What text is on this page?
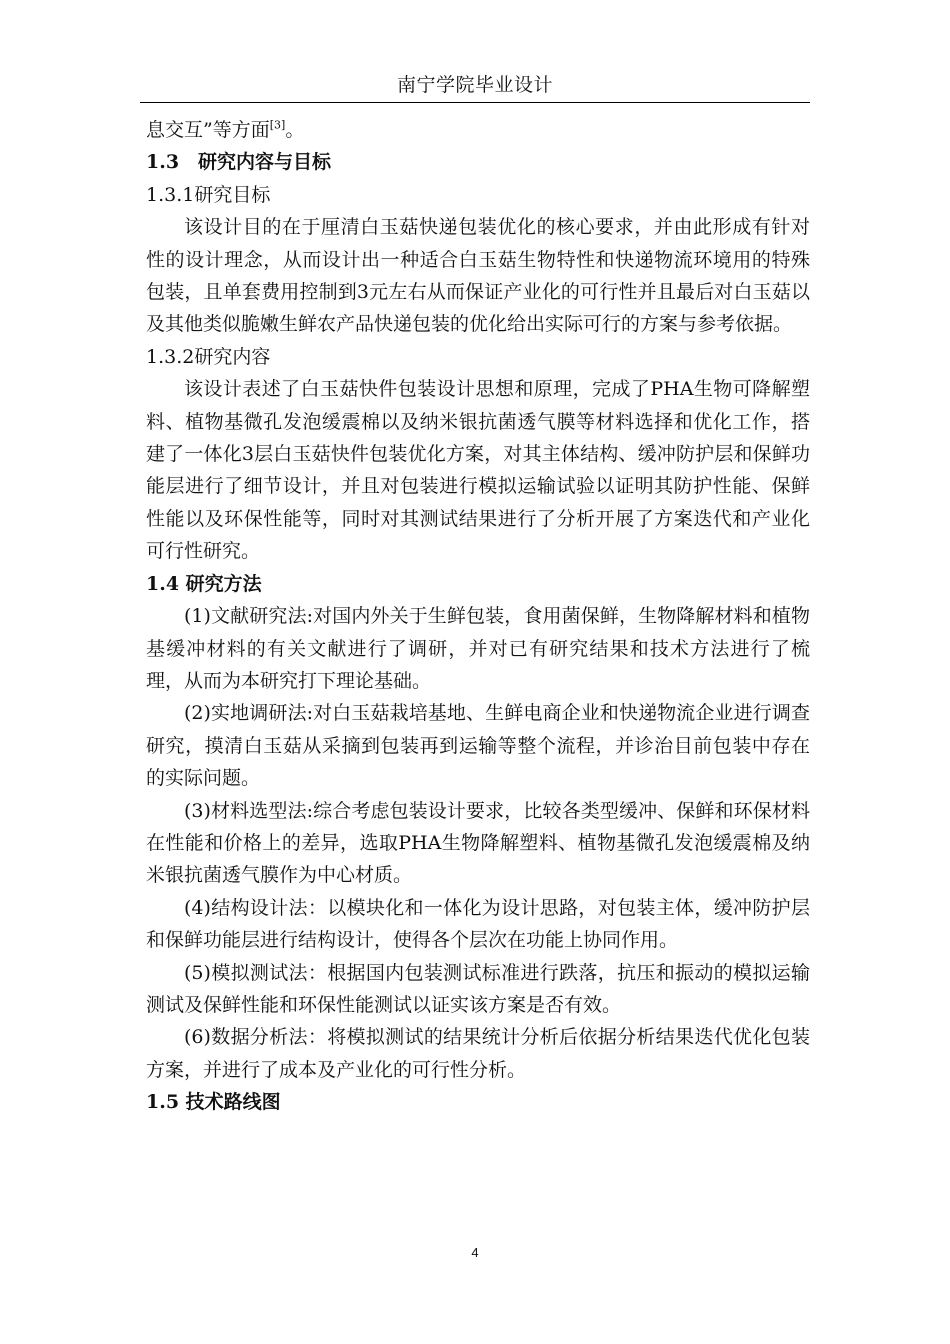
南宁学院毕业设计

息交互”等方面[3]。

1.3　研究内容与目标

1.3.1研究目标

该设计目的在于厘清白玉菇快递包装优化的核心要求，并由此形成有针对性的设计理念，从而设计出一种适合白玉菇生物特性和快递物流环境用的特殊包装，且单套费用控制到3元左右从而保证产业化的可行性并且最后对白玉菇以及其他类似脆嫩生鲜农产品快递包装的优化给出实际可行的方案与参考依据。

1.3.2研究内容

该设计表述了白玉菇快件包装设计思想和原理，完成了PHA生物可降解塑料、植物基微孔发泡缓震棉以及纳米银抗菌透气膜等材料选择和优化工作，搭建了一体化3层白玉菇快件包装优化方案，对其主体结构、缓冲防护层和保鲜功能层进行了细节设计，并且对包装进行模拟运输试验以证明其防护性能、保鲜性能以及环保性能等，同时对其测试结果进行了分析开展了方案迭代和产业化可行性研究。

1.4 研究方法

(1)文献研究法:对国内外关于生鲜包装，食用菌保鲜，生物降解材料和植物基缓冲材料的有关文献进行了调研，并对已有研究结果和技术方法进行了梳理，从而为本研究打下理论基础。

(2)实地调研法:对白玉菇栽培基地、生鲜电商企业和快递物流企业进行调查研究，摸清白玉菇从采摘到包装再到运输等整个流程，并诊治目前包装中存在的实际问题。

(3)材料选型法:综合考虑包装设计要求，比较各类型缓冲、保鲜和环保材料在性能和价格上的差异，选取PHA生物降解塑料、植物基微孔发泡缓震棉及纳米银抗菌透气膜作为中心材质。

(4)结构设计法：以模块化和一体化为设计思路，对包装主体，缓冲防护层和保鲜功能层进行结构设计，使得各个层次在功能上协同作用。

(5)模拟测试法：根据国内包装测试标准进行跌落，抗压和振动的模拟运输测试及保鲜性能和环保性能测试以证实该方案是否有效。

(6)数据分析法：将模拟测试的结果统计分析后依据分析结果迭代优化包装方案，并进行了成本及产业化的可行性分析。

1.5 技术路线图

4
